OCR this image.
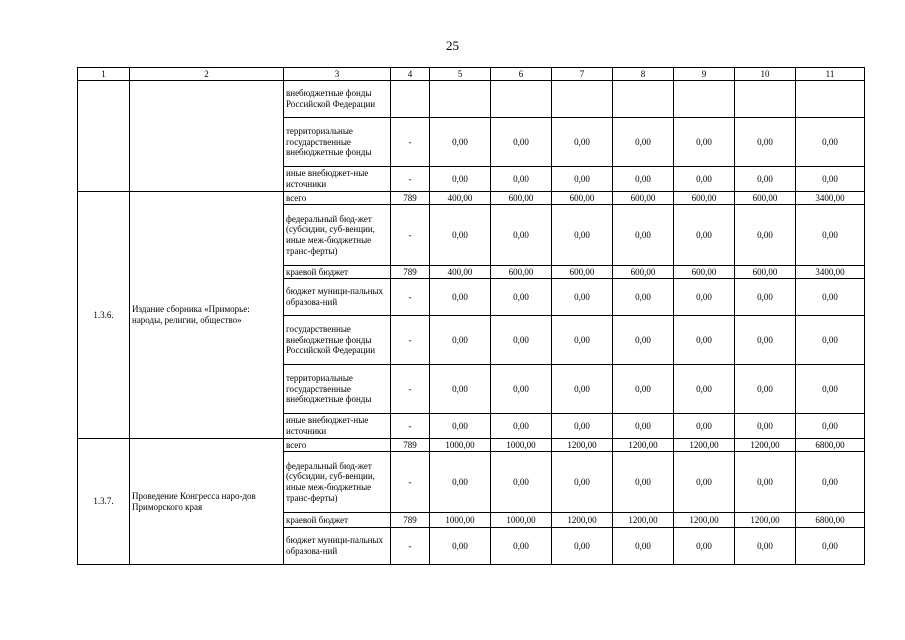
25
1	2	3	4	5	6	7	8	9	10	11
		внебюджетные фонды Российской Федерации								
		территориальные государственные внебюджетные фонды	-	0,00	0,00	0,00	0,00	0,00	0,00	0,00
		иные внебюджет-ные источники	-	0,00	0,00	0,00	0,00	0,00	0,00	0,00
1.3.6.	Издание сборника «Приморье: народы, религии, общество»	всего	789	400,00	600,00	600,00	600,00	600,00	600,00	3400,00
		федеральный бюд-жет (субсидии, суб-венции, иные меж-бюджетные транс-ферты)	-	0,00	0,00	0,00	0,00	0,00	0,00	0,00
		краевой бюджет	789	400,00	600,00	600,00	600,00	600,00	600,00	3400,00
		бюджет муници-пальных образова-ний	-	0,00	0,00	0,00	0,00	0,00	0,00	0,00
		государственные внебюджетные фонды Российской Федерации	-	0,00	0,00	0,00	0,00	0,00	0,00	0,00
		территориальные государственные внебюджетные фонды	-	0,00	0,00	0,00	0,00	0,00	0,00	0,00
		иные внебюджет-ные источники	-	0,00	0,00	0,00	0,00	0,00	0,00	0,00
1.3.7.	Проведение Конгресса наро-дов Приморского края	всего	789	1000,00	1000,00	1200,00	1200,00	1200,00	1200,00	6800,00
		федеральный бюд-жет (субсидии, суб-венции, иные меж-бюджетные транс-ферты)	-	0,00	0,00	0,00	0,00	0,00	0,00	0,00
		краевой бюджет	789	1000,00	1000,00	1200,00	1200,00	1200,00	1200,00	6800,00
		бюджет муници-пальных образова-ний	-	0,00	0,00	0,00	0,00	0,00	0,00	0,00
